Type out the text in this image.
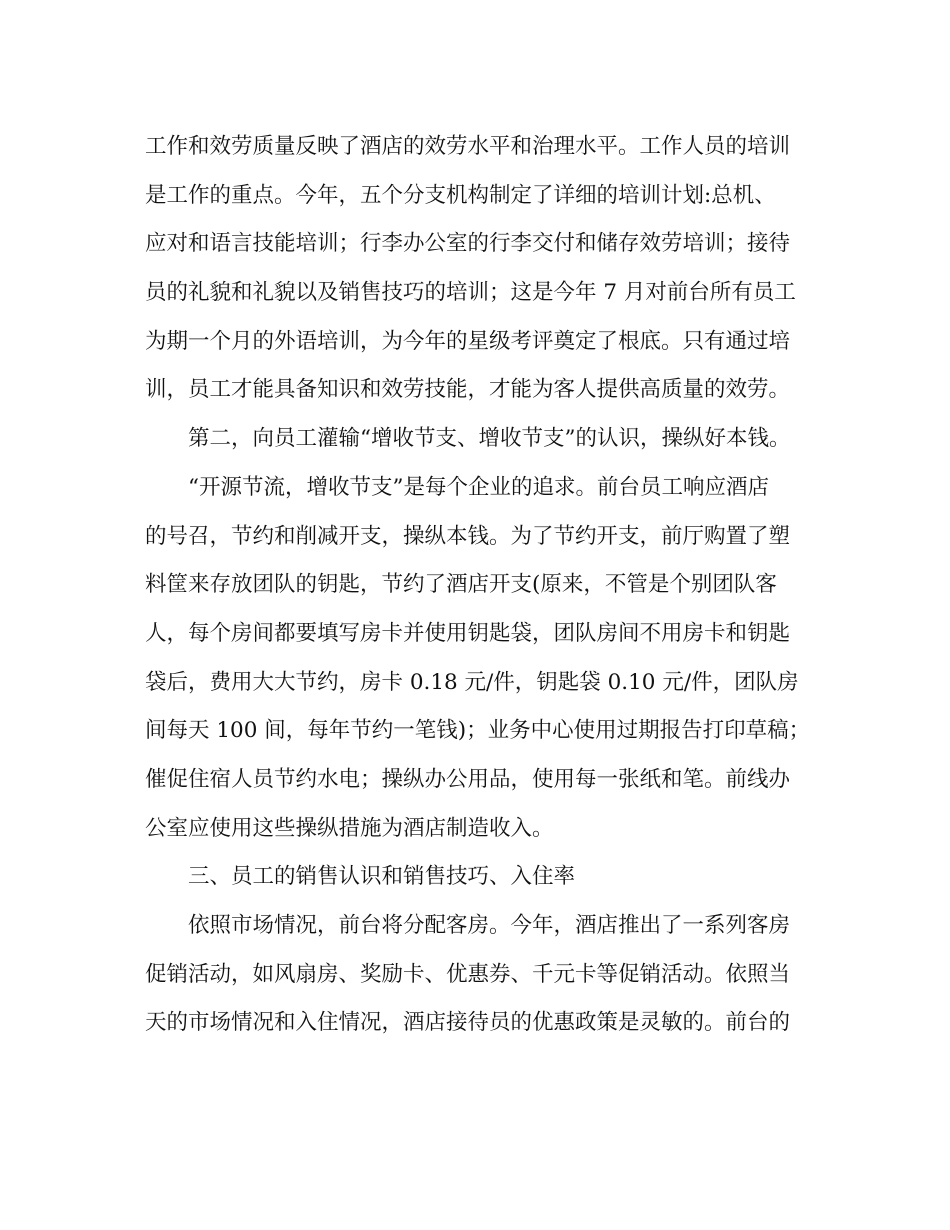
工作和效劳质量反映了酒店的效劳水平和治理水平。工作人员的培训
是工作的重点。今年，五个分支机构制定了详细的培训计划:总机、
应对和语言技能培训；行李办公室的行李交付和储存效劳培训；接待
员的礼貌和礼貌以及销售技巧的培训；这是今年 7 月对前台所有员工
为期一个月的外语培训，为今年的星级考评奠定了根底。只有通过培
训，员工才能具备知识和效劳技能，才能为客人提供高质量的效劳。
　　第二，向员工灌输“增收节支、增收节支”的认识，操纵好本钱。
　　“开源节流，增收节支”是每个企业的追求。前台员工响应酒店
的号召，节约和削减开支，操纵本钱。为了节约开支，前厅购置了塑
料筐来存放团队的钥匙，节约了酒店开支(原来，不管是个别团队客
人，每个房间都要填写房卡并使用钥匙袋，团队房间不用房卡和钥匙
袋后，费用大大节约，房卡 0.18 元/件，钥匙袋 0.10 元/件，团队房
间每天 100 间，每年节约一笔钱)；业务中心使用过期报告打印草稿；
催促住宿人员节约水电；操纵办公用品，使用每一张纸和笔。前线办
公室应使用这些操纵措施为酒店制造收入。
　　三、员工的销售认识和销售技巧、入住率
　　依照市场情况，前台将分配客房。今年，酒店推出了一系列客房
促销活动，如风扇房、奖励卡、优惠券、千元卡等促销活动。依照当
天的市场情况和入住情况，酒店接待员的优惠政策是灵敏的。前台的
